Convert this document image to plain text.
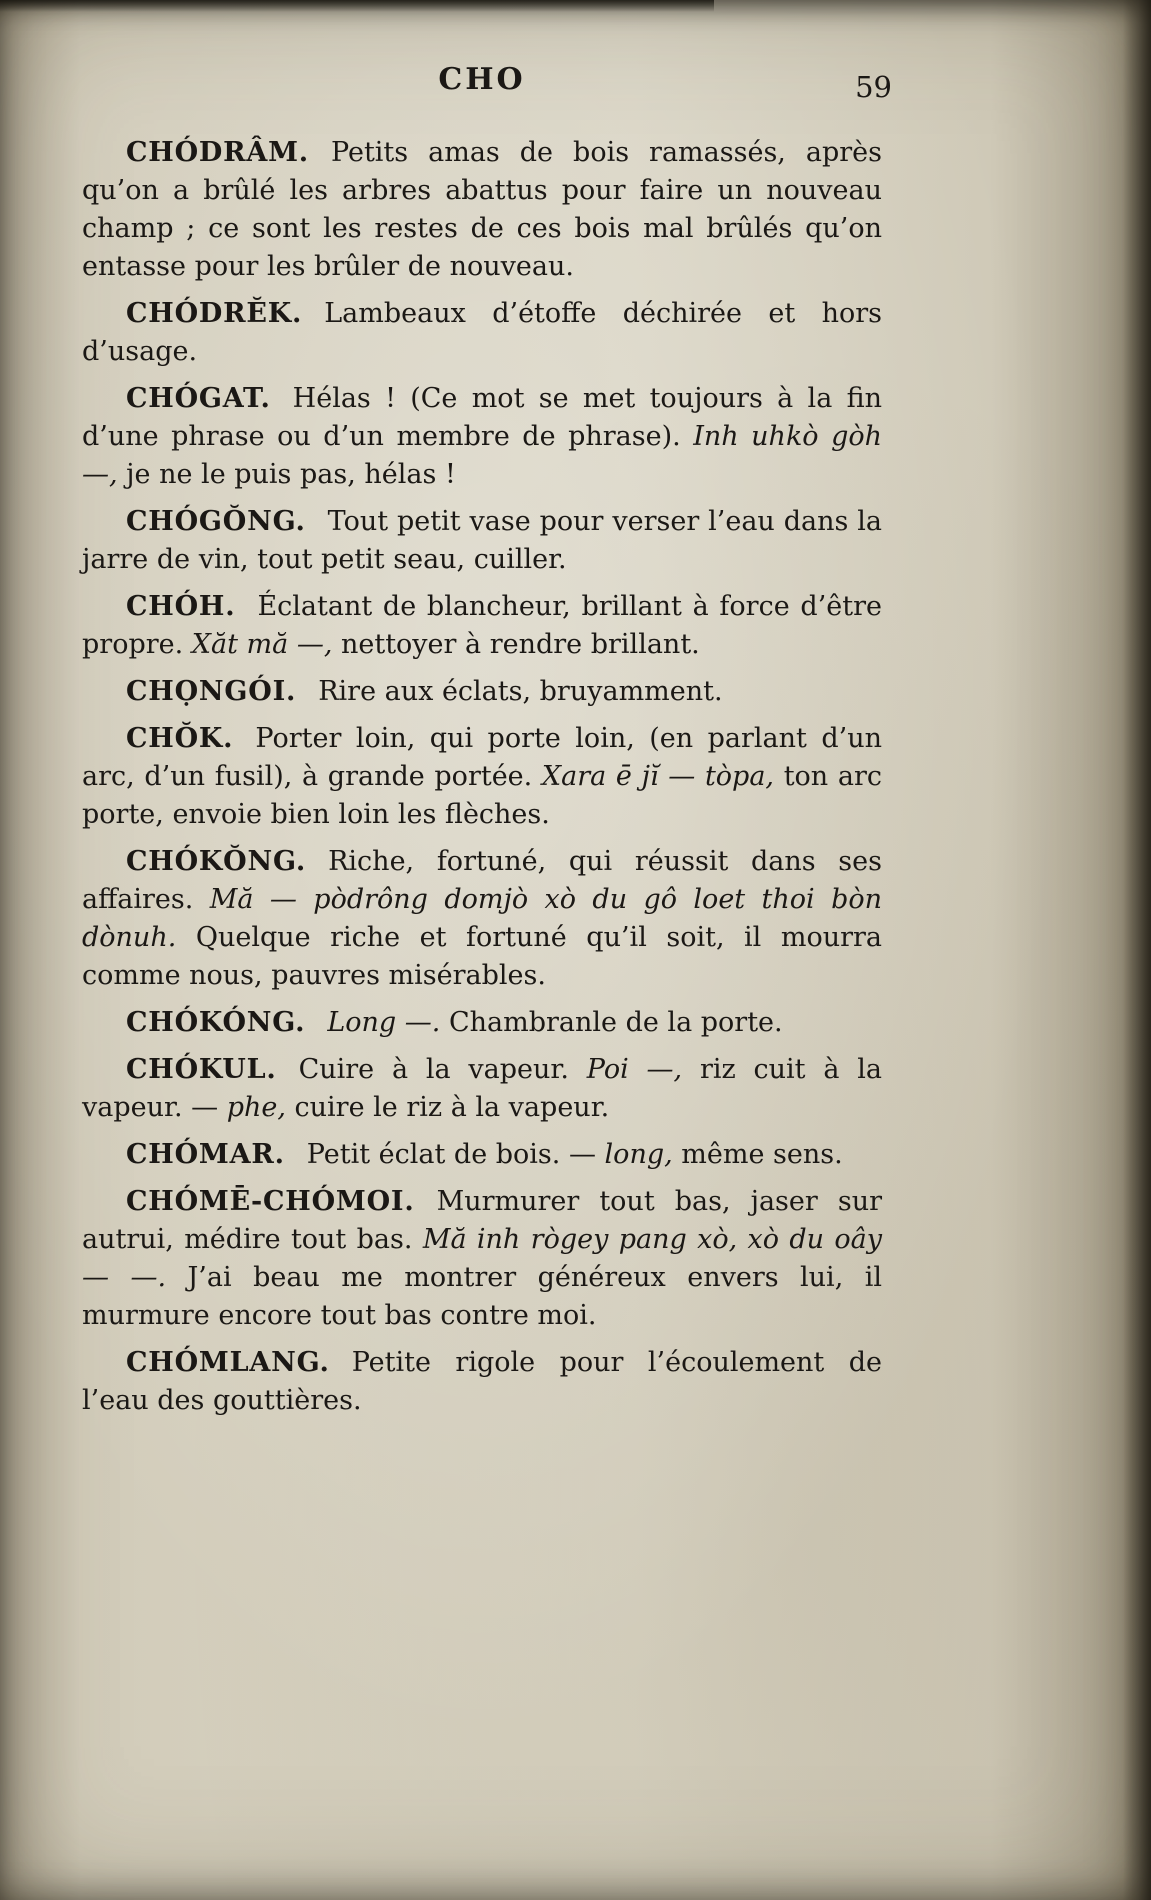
CHO	59

CHÓDRÂM. Petits amas de bois ramassés, après qu’on a brûlé les arbres abattus pour faire un nouveau champ ; ce sont les restes de ces bois mal brûlés qu’on entasse pour les brûler de nouveau.

CHÓDRĔK. Lambeaux d’étoffe déchirée et hors d’usage.

CHÓGAT. Hélas ! (Ce mot se met toujours à la fin d’une phrase ou d’un membre de phrase). Inh uhkò gòh —, je ne le puis pas, hélas !

CHÓGŎNG. Tout petit vase pour verser l’eau dans la jarre de vin, tout petit seau, cuiller.

CHÓH. Éclatant de blancheur, brillant à force d’être propre. Xăt mă —, nettoyer à rendre brillant.

CHỌNGÓI. Rire aux éclats, bruyamment.

CHŎK. Porter loin, qui porte loin, (en parlant d’un arc, d’un fusil), à grande portée. Xara ē jĭ — tòpa, ton arc porte, envoie bien loin les flèches.

CHÓKŎNG. Riche, fortuné, qui réussit dans ses affaires. Mă — pòdrông domjò xò du gô loet thoi bòn dònuh. Quelque riche et fortuné qu’il soit, il mourra comme nous, pauvres misérables.

CHÓKÓNG. Long —. Chambranle de la porte.

CHÓKUL. Cuire à la vapeur. Poi —, riz cuit à la vapeur. — phe, cuire le riz à la vapeur.

CHÓMAR. Petit éclat de bois. — long, même sens.

CHÓMĒ-CHÓMOI. Murmurer tout bas, jaser sur autrui, médire tout bas. Mă inh rògey pang xò, xò du oây — —. J’ai beau me montrer généreux envers lui, il murmure encore tout bas contre moi.

CHÓMLANG. Petite rigole pour l’écoulement de l’eau des gouttières.
